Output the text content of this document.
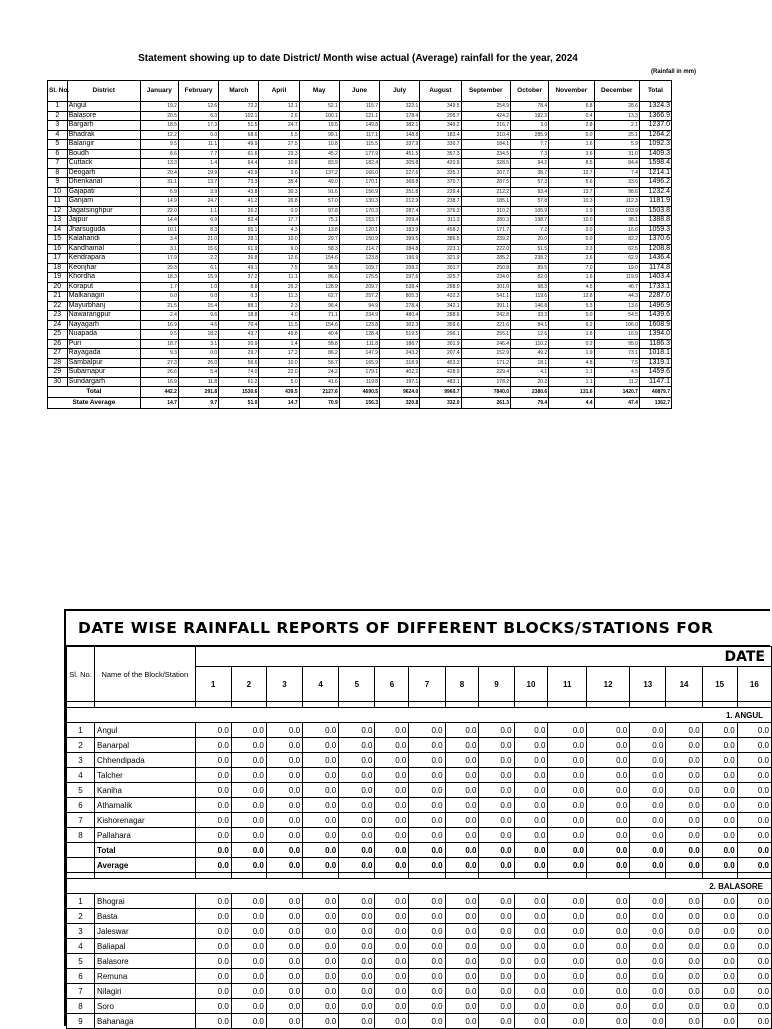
Statement showing up to date District/ Month wise actual (Average) rainfall for the year, 2024
(Rainfall in mm)
Sl. No.	District	January	February	March	April	May	June	July	August	September	October	November	December	Total
1	Angul	19.2	12.6	72.2	12.1	52.1	115.7	322.1	349.5	254.9	78.4	6.8	28.6	1324.3
2	Balasore	20.5	6.3	102.1	2.6	100.1	121.1	178.4	205.7	424.2	192.3	0.4	13.3	1366.9
3	Bargarh	18.5	17.3	51.5	24.7	19.5	149.8	382.1	349.2	216.7	3.0	2.8	2.1	1237.0
4	Bhadrak	12.2	0.0	68.6	5.5	99.1	117.1	148.8	183.4	310.4	285.9	0.0	25.1	1264.2
5	Balangir	9.5	11.1	49.9	27.5	10.8	115.5	337.9	330.7	184.1	7.7	1.6	5.9	1092.3
6	Boudh	8.6	7.7	61.6	23.3	45.2	177.9	451.5	357.3	234.5	7.3	3.6	31.0	1409.3
7	Cuttack	13.3	1.4	64.4	10.8	83.9	182.4	305.8	420.9	328.5	94.2	8.5	84.4	1598.4
8	Deogarh	20.4	19.9	42.9	3.6	137.2	166.0	227.6	335.1	207.7	38.7	12.7	7.4	1214.1
9	Dhenkanal	31.1	13.7	73.3	35.4	49.0	170.1	368.8	370.7	287.5	57.3	5.6	33.6	1496.2
10	Gajapati	6.9	3.9	43.8	30.3	91.6	156.9	251.8	229.4	212.2	93.4	13.7	98.6	1232.4
11	Ganjam	14.9	24.7	41.2	26.8	57.0	130.3	212.9	238.7	185.1	57.8	10.3	112.3	1181.9
12	Jagatsinghpur	22.0	1.1	26.2	0.9	97.8	170.3	287.4	376.3	310.2	105.9	1.9	103.9	1503.8
13	Jajpur	14.4	6.9	82.4	17.7	75.1	153.7	209.4	311.3	280.3	198.7	10.0	38.1	1388.8
14	Jharsuguda	10.1	8.3	65.1	4.3	13.8	120.1	183.9	458.2	171.7	7.2	0.0	16.6	1059.3
15	Kalahandi	3.4	21.0	28.1	10.0	29.7	150.9	399.5	386.5	239.2	20.0	0.0	82.2	1370.6
16	Kandhamal	3.1	15.6	61.9	9.0	58.3	214.7	284.8	223.1	222.0	51.5	2.3	62.5	1208.8
17	Kendrapara	17.9	2.2	36.8	12.6	154.6	123.8	196.9	321.9	285.2	238.2	2.6	62.9	1436.4
18	Keonjhar	29.3	6.1	49.1	7.5	96.5	109.7	208.2	301.7	250.8	89.5	7.0	19.0	1174.8
19	Khordha	18.3	15.9	37.2	11.1	86.6	175.5	297.6	325.7	234.0	82.0	1.6	119.9	1403.4
20	Koraput	1.7	1.0	8.8	29.2	128.9	209.7	538.4	288.0	301.0	98.3	4.5	46.7	1733.1
21	Malkanagiri	0.0	0.0	0.3	11.3	62.7	257.2	805.3	432.3	541.1	119.6	12.8	44.3	2287.0
22	Mayurbhanj	21.5	15.4	88.1	2.3	96.4	94.9	278.4	342.1	391.1	146.8	5.3	13.6	1496.9
23	Nawarangpur	2.4	9.6	18.8	4.0	71.1	234.9	480.4	288.6	242.8	33.3	0.0	54.5	1439.6
24	Nayagarh	16.9	4.6	70.4	11.5	154.6	123.8	302.3	359.6	221.6	84.1	6.2	106.0	1608.9
25	Nuapada	9.5	18.2	43.7	49.8	40.4	128.4	519.5	296.1	255.1	12.6	1.8	16.9	1394.0
26	Puri	18.7	3.1	20.9	1.4	58.8	111.8	186.7	301.9	246.4	110.2	0.2	95.0	1186.3
27	Rayagada	9.3	0.0	29.7	17.2	86.2	147.9	243.2	207.4	152.9	49.2	1.9	73.1	1018.1
28	Sambalpur	27.3	26.0	56.6	10.0	56.7	165.9	318.9	453.3	171.2	18.1	4.8	7.5	1319.1
29	Subarnapur	26.6	5.4	74.0	22.0	24.2	179.1	402.2	428.9	229.4	4.1	1.1	4.5	1459.6
30	Sundargarh	16.9	11.8	61.2	5.0	41.6	119.8	197.1	483.1	178.2	20.2	1.1	11.2	1147.1
Total		442.2	291.8	1530.6	439.5	2127.6	4690.5	9624.0	9960.7	7840.0	2380.6	131.6	1420.7	40879.7
State Average		14.7	9.7	51.0	14.7	70.9	156.3	320.8	332.0	261.3	79.4	4.4	47.4	1362.7
DATE WISE RAINFALL REPORTS OF DIFFERENT BLOCKS/STATIONS FOR
Sl. No.	Name of the Block/Station	DATE															
		1	2	3	4	5	6	7	8	9	10	11	12	13	14	15	16

1. ANGUL																	
1	Angul	0.0	0.0	0.0	0.0	0.0	0.0	0.0	0.0	0.0	0.0	0.0	0.0	0.0	0.0	0.0	0.0
2	Banarpal	0.0	0.0	0.0	0.0	0.0	0.0	0.0	0.0	0.0	0.0	0.0	0.0	0.0	0.0	0.0	0.0
3	Chhendipada	0.0	0.0	0.0	0.0	0.0	0.0	0.0	0.0	0.0	0.0	0.0	0.0	0.0	0.0	0.0	0.0
4	Talcher	0.0	0.0	0.0	0.0	0.0	0.0	0.0	0.0	0.0	0.0	0.0	0.0	0.0	0.0	0.0	0.0
5	Kaniha	0.0	0.0	0.0	0.0	0.0	0.0	0.0	0.0	0.0	0.0	0.0	0.0	0.0	0.0	0.0	0.0
6	Athamalik	0.0	0.0	0.0	0.0	0.0	0.0	0.0	0.0	0.0	0.0	0.0	0.0	0.0	0.0	0.0	0.0
7	Kishorenagar	0.0	0.0	0.0	0.0	0.0	0.0	0.0	0.0	0.0	0.0	0.0	0.0	0.0	0.0	0.0	0.0
8	Pallahara	0.0	0.0	0.0	0.0	0.0	0.0	0.0	0.0	0.0	0.0	0.0	0.0	0.0	0.0	0.0	0.0
	Total	0.0	0.0	0.0	0.0	0.0	0.0	0.0	0.0	0.0	0.0	0.0	0.0	0.0	0.0	0.0	0.0
	Average	0.0	0.0	0.0	0.0	0.0	0.0	0.0	0.0	0.0	0.0	0.0	0.0	0.0	0.0	0.0	0.0

2. BALASORE																	
1	Bhograi	0.0	0.0	0.0	0.0	0.0	0.0	0.0	0.0	0.0	0.0	0.0	0.0	0.0	0.0	0.0	0.0
2	Basta	0.0	0.0	0.0	0.0	0.0	0.0	0.0	0.0	0.0	0.0	0.0	0.0	0.0	0.0	0.0	0.0
3	Jaleswar	0.0	0.0	0.0	0.0	0.0	0.0	0.0	0.0	0.0	0.0	0.0	0.0	0.0	0.0	0.0	0.0
4	Baliapal	0.0	0.0	0.0	0.0	0.0	0.0	0.0	0.0	0.0	0.0	0.0	0.0	0.0	0.0	0.0	0.0
5	Balasore	0.0	0.0	0.0	0.0	0.0	0.0	0.0	0.0	0.0	0.0	0.0	0.0	0.0	0.0	0.0	0.0
6	Remuna	0.0	0.0	0.0	0.0	0.0	0.0	0.0	0.0	0.0	0.0	0.0	0.0	0.0	0.0	0.0	0.0
7	Nilagiri	0.0	0.0	0.0	0.0	0.0	0.0	0.0	0.0	0.0	0.0	0.0	0.0	0.0	0.0	0.0	0.0
8	Soro	0.0	0.0	0.0	0.0	0.0	0.0	0.0	0.0	0.0	0.0	0.0	0.0	0.0	0.0	0.0	0.0
9	Bahanaga	0.0	0.0	0.0	0.0	0.0	0.0	0.0	0.0	0.0	0.0	0.0	0.0	0.0	0.0	0.0	0.0
